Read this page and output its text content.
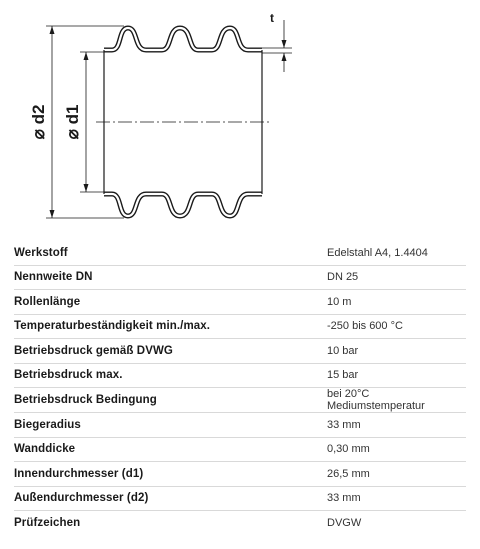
⌀ d2 ⌀ d1
t
Werkstoff	Edelstahl A4, 1.4404
Nennweite DN	DN 25
Rollenlänge	10 m
Temperaturbeständigkeit min./max.	-250 bis 600 °C
Betriebsdruck gemäß DVWG	10 bar
Betriebsdruck max.	15 bar
Betriebsdruck Bedingung	bei 20°C Mediumstemperatur
Biegeradius	33 mm
Wanddicke	0,30 mm
Innendurchmesser (d1)	26,5 mm
Außendurchmesser (d2)	33 mm
Prüfzeichen	DVGW
